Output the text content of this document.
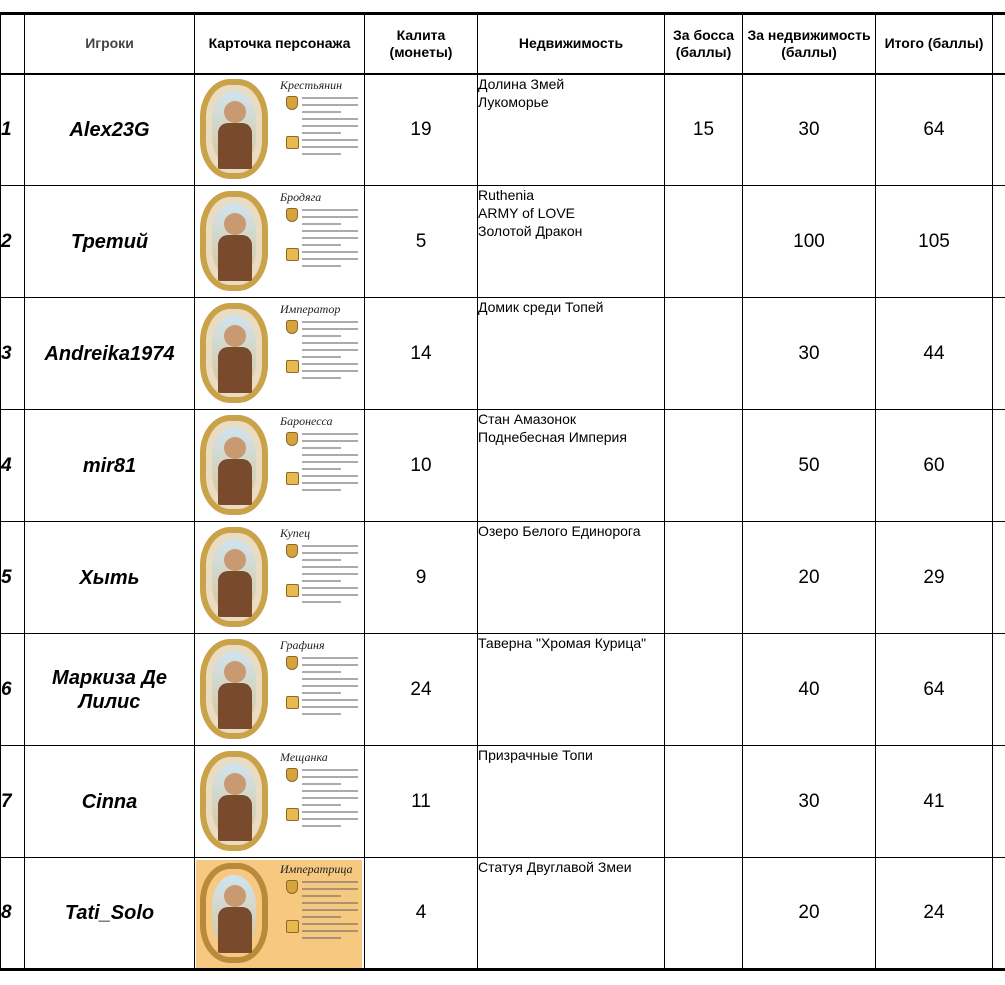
	Игроки	Карточка персонажа	Калита (монеты)	Недвижимость	За босса (баллы)	За недвижимость (баллы)	Итого (баллы)	
1	Alex23G	Крестьянин	19	Долина Змей
Лукоморье	15	30	64	
2	Третий	Бродяга	5	Ruthenia
ARMY of LOVE
Золотой Дракон		100	105	
3	Andreika1974	Император	14	Домик среди Топей		30	44	
4	mir81	Баронесса	10	Стан Амазонок
Поднебесная Империя		50	60	
5	Хыть	Купец	9	Озеро Белого Единорога		20	29	
6	Маркиза Де Лилис	Графиня	24	Таверна "Хромая Курица"		40	64	
7	Cinna	Мещанка	11	Призрачные Топи		30	41	
8	Tati_Solo	Императрица	4	Статуя Двуглавой Змеи		20	24	
